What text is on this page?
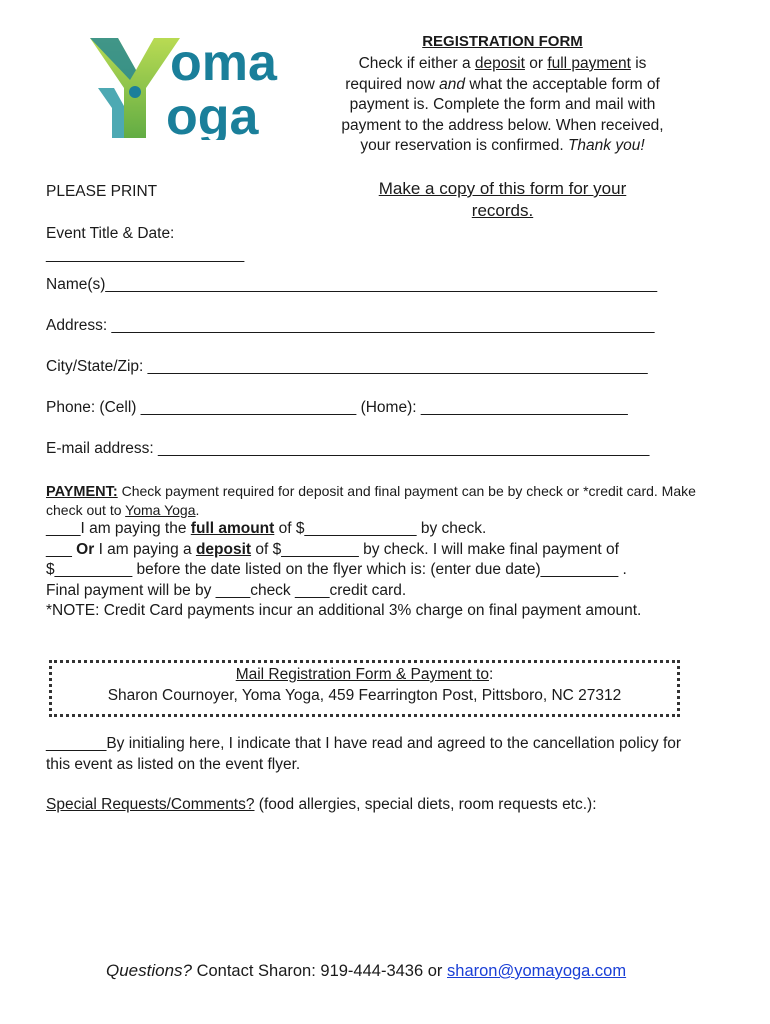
oma
oga
REGISTRATION FORM
Check if either a deposit or full payment is required now and what the acceptable form of payment is. Complete the form and mail with payment to the address below. When received, your reservation is confirmed. Thank you!
Make a copy of this form for your records.
PLEASE PRINT
Event Title & Date:
_______________________
Name(s)________________________________________________________________
Address: _______________________________________________________________
City/State/Zip: __________________________________________________________
Phone: (Cell) _________________________ (Home): ________________________
E-mail address: _________________________________________________________
PAYMENT: Check payment required for deposit and final payment can be by check or *credit card. Make check out to Yoma Yoga.
____I am paying the full amount of $_____________ by check.
___ Or I am paying a deposit of $_________ by check. I will make final payment of
$_________ before the date listed on the flyer which is: (enter due date)_________ .
Final payment will be by ____check ____credit card.
*NOTE: Credit Card payments incur an additional 3% charge on final payment amount.
Mail Registration Form & Payment to:
Sharon Cournoyer, Yoma Yoga, 459 Fearrington Post, Pittsboro, NC 27312
_______By initialing here, I indicate that I have read and agreed to the cancellation policy for this event as listed on the event flyer.
Special Requests/Comments? (food allergies, special diets, room requests etc.):
Questions? Contact Sharon: 919-444-3436 or sharon@yomayoga.com
